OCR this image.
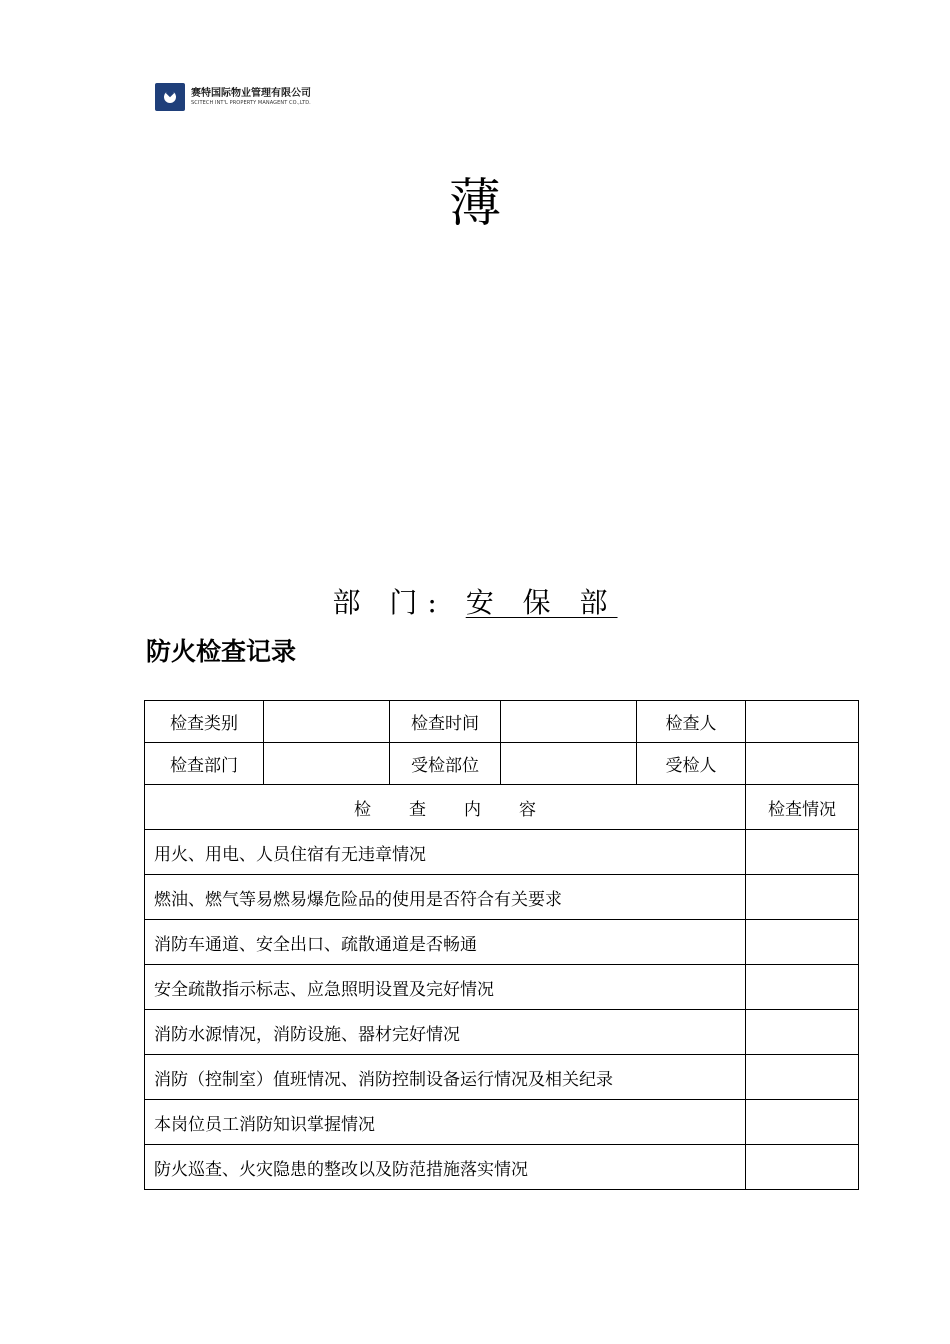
赛特国际物业管理有限公司
SCITECH INT'L PROPERTY MANAGENT CO.,LTD.
薄
部 门: 安 保 部
防火检查记录
检查类别		检查时间		检查人	
检查部门		受检部位		受检人	
检查内容					检查情况
用火、用电、人员住宿有无违章情况					
燃油、燃气等易燃易爆危险品的使用是否符合有关要求					
消防车通道、安全出口、疏散通道是否畅通					
安全疏散指示标志、应急照明设置及完好情况					
消防水源情况，消防设施、器材完好情况					
消防（控制室）值班情况、消防控制设备运行情况及相关纪录					
本岗位员工消防知识掌握情况					
防火巡查、火灾隐患的整改以及防范措施落实情况					
